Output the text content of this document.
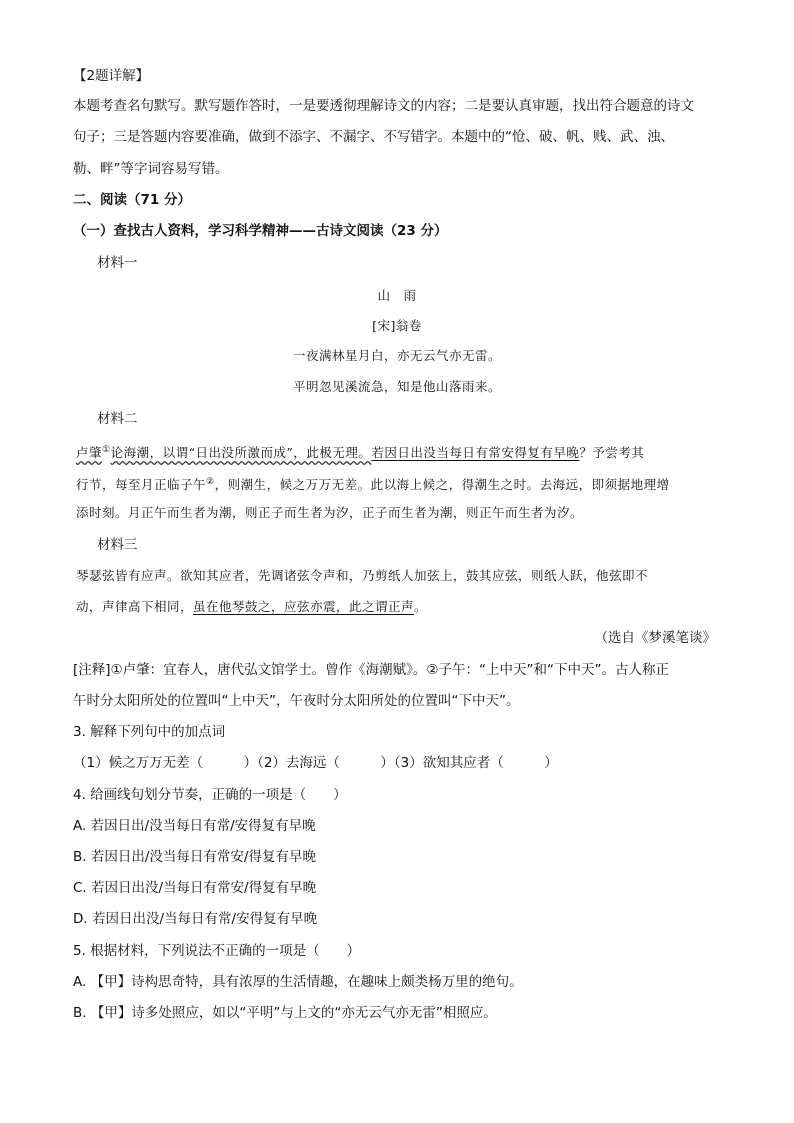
【2题详解】
本题考查名句默写。默写题作答时，一是要透彻理解诗文的内容；二是要认真审题，找出符合题意的诗文
句子；三是答题内容要准确，做到不添字、不漏字、不写错字。本题中的“怆、破、帆、贱、武、浊、
勒、畔”等字词容易写错。
二、阅读（71 分）
（一）查找古人资料，学习科学精神——古诗文阅读（23 分）
材料一
山　雨
[宋]翁卷
一夜满林星月白，亦无云气亦无雷。
平明忽见溪流急，知是他山落雨来。
材料二
卢肇①论海潮，以谓“日出没所激而成”，此极无理。若因日出没当每日有常安得复有早晚？予尝考其
行节，每至月正临子午②，则潮生，候之万万无差。此以海上候之，得潮生之时。去海远，即须据地理增
添时刻。月正午而生者为潮，则正子而生者为汐，正子而生者为潮，则正午而生者为汐。
材料三
琴瑟弦皆有应声。欲知其应者，先调诸弦令声和，乃剪纸人加弦上，鼓其应弦，则纸人跃，他弦即不
动，声律高下相同，虽在他琴鼓之，应弦亦震，此之谓正声。
（选自《梦溪笔谈》
[注释]①卢肇：宜春人，唐代弘文馆学士。曾作《海潮赋》。②子午：“上中天”和“下中天”。古人称正
午时分太阳所处的位置叫“上中天”，午夜时分太阳所处的位置叫“下中天”。
3. 解释下列句中的加点词
（1）候之万万无差（　　　）（2）去海远（　　　）（3）欲知其应者（　　　）
4. 给画线句划分节奏，正确的一项是（　　）
A. 若因日出/没当每日有常/安得复有早晚
B. 若因日出/没当每日有常安/得复有早晚
C. 若因日出没/当每日有常安/得复有早晚
D. 若因日出没/当每日有常/安得复有早晚
5. 根据材料，下列说法不正确的一项是（　　）
A. 【甲】诗构思奇特，具有浓厚的生活情趣，在趣味上颇类杨万里的绝句。
B. 【甲】诗多处照应，如以“平明”与上文的“亦无云气亦无雷”相照应。
